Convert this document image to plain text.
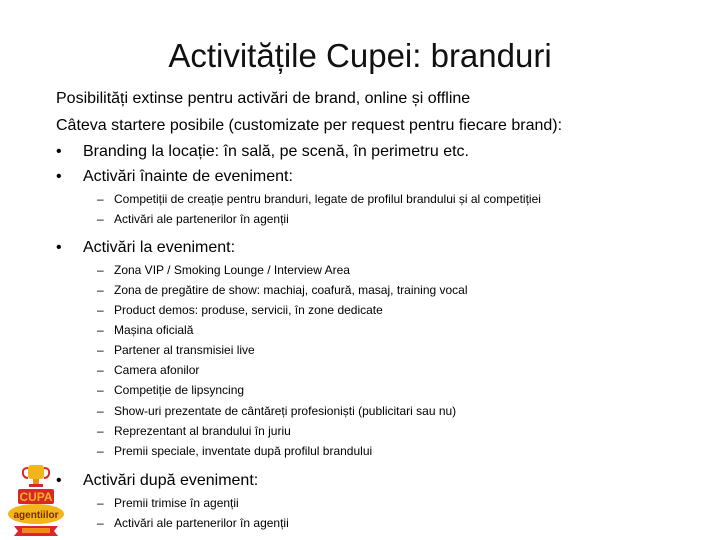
Activitățile Cupei: branduri
Posibilități extinse pentru activări de brand, online și offline
Câteva startere posibile (customizate per request pentru fiecare brand):
• Branding la locație: în sală, pe scenă, în perimetru etc.
• Activări înainte de eveniment:
– Competiții de creație pentru branduri, legate de profilul brandului și al competiției
– Activări ale partenerilor în agenții
• Activări la eveniment:
– Zona VIP / Smoking Lounge / Interview Area
– Zona de pregătire de show: machiaj, coafură, masaj, training vocal
– Product demos: produse, servicii, în zone dedicate
– Mașina oficială
– Partener al transmisiei live
– Camera afonilor
– Competiție de lipsyncing
– Show-uri prezentate de cântăreți profesioniști (publicitari sau nu)
– Reprezentant al brandului în juriu
– Premii speciale, inventate după profilul brandului
• Activări după eveniment:
– Premii trimise în agenții
– Activări ale partenerilor în agenții
CUPA
agentiilor
